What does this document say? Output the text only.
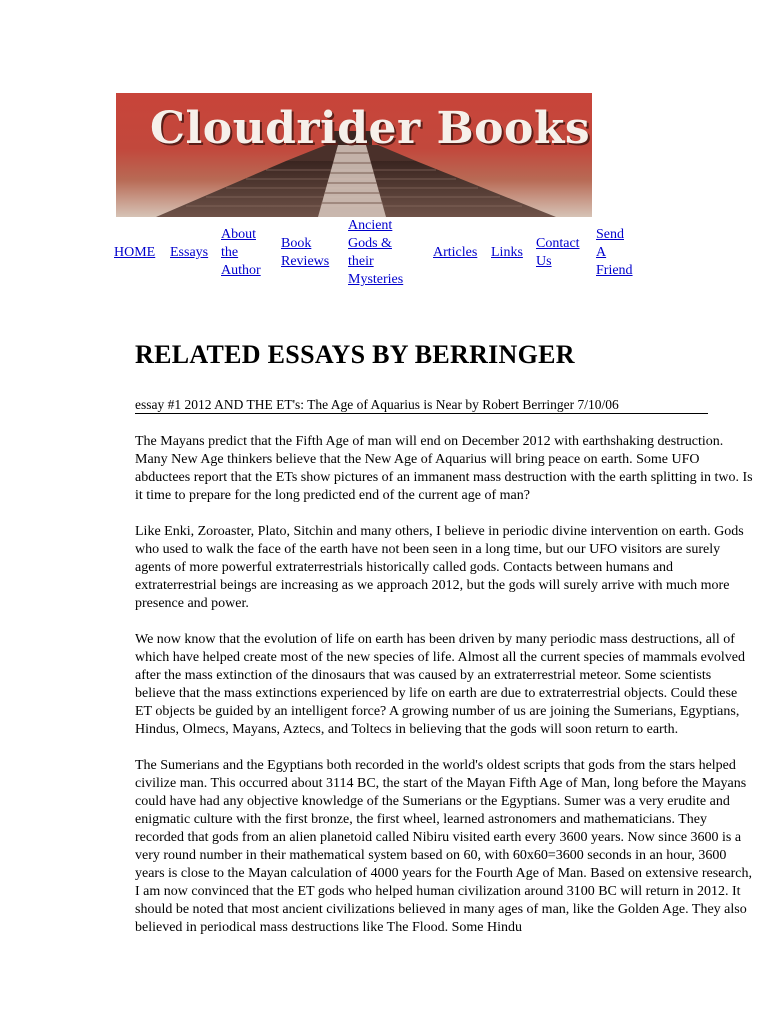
Cloudrider Books
HOME Essays
About
the
Author
Book
Reviews
Ancient
Gods &
their
Mysteries
Articles Links
Contact
Us
Send
A
Friend
RELATED ESSAYS BY BERRINGER
essay #1 2012 AND THE ET's: The Age of Aquarius is Near by Robert Berringer 7/10/06

The Mayans predict that the Fifth Age of man will end on December 2012 with earthshaking destruction. Many New Age thinkers believe that the New Age of Aquarius will bring peace on earth. Some UFO abductees report that the ETs show pictures of an immanent mass destruction with the earth splitting in two. Is it time to prepare for the long predicted end of the current age of man?

Like Enki, Zoroaster, Plato, Sitchin and many others, I believe in periodic divine intervention on earth. Gods who used to walk the face of the earth have not been seen in a long time, but our UFO visitors are surely agents of more powerful extraterrestrials historically called gods. Contacts between humans and extraterrestrial beings are increasing as we approach 2012, but the gods will surely arrive with much more presence and power.

We now know that the evolution of life on earth has been driven by many periodic mass destructions, all of which have helped create most of the new species of life. Almost all the current species of mammals evolved after the mass extinction of the dinosaurs that was caused by an extraterrestrial meteor. Some scientists believe that the mass extinctions experienced by life on earth are due to extraterrestrial objects. Could these ET objects be guided by an intelligent force? A growing number of us are joining the Sumerians, Egyptians, Hindus, Olmecs, Mayans, Aztecs, and Toltecs in believing that the gods will soon return to earth.

The Sumerians and the Egyptians both recorded in the world's oldest scripts that gods from the stars helped civilize man. This occurred about 3114 BC, the start of the Mayan Fifth Age of Man, long before the Mayans could have had any objective knowledge of the Sumerians or the Egyptians. Sumer was a very erudite and enigmatic culture with the first bronze, the first wheel, learned astronomers and mathematicians. They recorded that gods from an alien planetoid called Nibiru visited earth every 3600 years. Now since 3600 is a very round number in their mathematical system based on 60, with 60x60=3600 seconds in an hour, 3600 years is close to the Mayan calculation of 4000 years for the Fourth Age of Man. Based on extensive research, I am now convinced that the ET gods who helped human civilization around 3100 BC will return in 2012. It should be noted that most ancient civilizations believed in many ages of man, like the Golden Age. They also believed in periodical mass destructions like The Flood. Some Hindu
